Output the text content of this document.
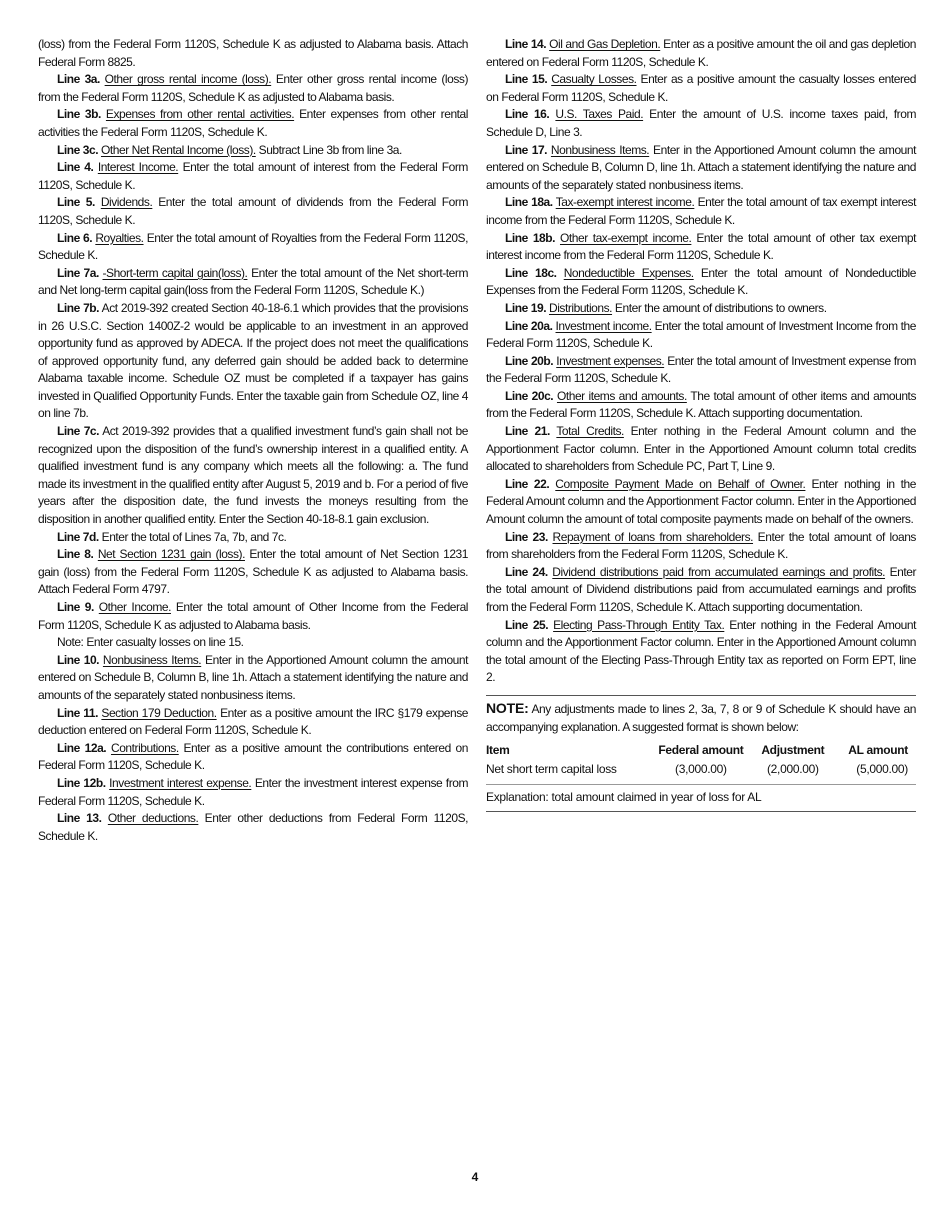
(loss) from the Federal Form 1120S, Schedule K as adjusted to Alabama basis. Attach Federal Form 8825.

Line 3a. Other gross rental income (loss). Enter other gross rental income (loss) from the Federal Form 1120S, Schedule K as adjusted to Alabama basis.

Line 3b. Expenses from other rental activities. Enter expenses from other rental activities the Federal Form 1120S, Schedule K.

Line 3c. Other Net Rental Income (loss). Subtract Line 3b from line 3a.

Line 4. Interest Income. Enter the total amount of interest from the Federal Form 1120S, Schedule K.

Line 5. Dividends. Enter the total amount of dividends from the Federal Form 1120S, Schedule K.

Line 6. Royalties. Enter the total amount of Royalties from the Federal Form 1120S, Schedule K.

Line 7a. -Short-term capital gain(loss). Enter the total amount of the Net short-term and Net long-term capital gain(loss from the Federal Form 1120S, Schedule K.)

Line 7b. Act 2019-392 created Section 40-18-6.1 which provides that the provisions in 26 U.S.C. Section 1400Z-2 would be applicable to an investment in an approved opportunity fund as approved by ADECA. If the project does not meet the qualifications of approved opportunity fund, any deferred gain should be added back to determine Alabama taxable income. Schedule OZ must be completed if a taxpayer has gains invested in Qualified Opportunity Funds. Enter the taxable gain from Schedule OZ, line 4 on line 7b.

Line 7c. Act 2019-392 provides that a qualified investment fund’s gain shall not be recognized upon the disposition of the fund’s ownership interest in a qualified entity. A qualified investment fund is any company which meets all the following: a. The fund made its investment in the qualified entity after August 5, 2019 and b. For a period of five years after the disposition date, the fund invests the moneys resulting from the disposition in another qualified entity. Enter the Section 40-18-8.1 gain exclusion.

Line 7d. Enter the total of Lines 7a, 7b, and 7c.

Line 8. Net Section 1231 gain (loss). Enter the total amount of Net Section 1231 gain (loss) from the Federal Form 1120S, Schedule K as adjusted to Alabama basis. Attach Federal Form 4797.

Line 9. Other Income. Enter the total amount of Other Income from the Federal Form 1120S, Schedule K as adjusted to Alabama basis.

Note: Enter casualty losses on line 15.

Line 10. Nonbusiness Items. Enter in the Apportioned Amount column the amount entered on Schedule B, Column B, line 1h. Attach a statement identifying the nature and amounts of the separately stated nonbusiness items.

Line 11. Section 179 Deduction. Enter as a positive amount the IRC §179 expense deduction entered on Federal Form 1120S, Schedule K.

Line 12a. Contributions. Enter as a positive amount the contributions entered on Federal Form 1120S, Schedule K.

Line 12b. Investment interest expense. Enter the investment interest expense from Federal Form 1120S, Schedule K.

Line 13. Other deductions. Enter other deductions from Federal Form 1120S, Schedule K.

Line 14. Oil and Gas Depletion. Enter as a positive amount the oil and gas depletion entered on Federal Form 1120S, Schedule K.

Line 15. Casualty Losses. Enter as a positive amount the casualty losses entered on Federal Form 1120S, Schedule K.

Line 16. U.S. Taxes Paid. Enter the amount of U.S. income taxes paid, from Schedule D, Line 3.

Line 17. Nonbusiness Items. Enter in the Apportioned Amount column the amount entered on Schedule B, Column D, line 1h. Attach a statement identifying the nature and amounts of the separately stated nonbusiness items.

Line 18a. Tax-exempt interest income. Enter the total amount of tax exempt interest income from the Federal Form 1120S, Schedule K.

Line 18b. Other tax-exempt income. Enter the total amount of other tax exempt interest income from the Federal Form 1120S, Schedule K.

Line 18c. Nondeductible Expenses. Enter the total amount of Nondeductible Expenses from the Federal Form 1120S, Schedule K.

Line 19. Distributions. Enter the amount of distributions to owners.

Line 20a. Investment income. Enter the total amount of Investment Income from the Federal Form 1120S, Schedule K.

Line 20b. Investment expenses. Enter the total amount of Investment expense from the Federal Form 1120S, Schedule K.

Line 20c. Other items and amounts. The total amount of other items and amounts from the Federal Form 1120S, Schedule K. Attach supporting documentation.

Line 21. Total Credits. Enter nothing in the Federal Amount column and the Apportionment Factor column. Enter in the Apportioned Amount column total credits allocated to shareholders from Schedule PC, Part T, Line 9.

Line 22. Composite Payment Made on Behalf of Owner. Enter nothing in the Federal Amount column and the Apportionment Factor column. Enter in the Apportioned Amount column the amount of total composite payments made on behalf of the owners.

Line 23. Repayment of loans from shareholders. Enter the total amount of loans from shareholders from the Federal Form 1120S, Schedule K.

Line 24. Dividend distributions paid from accumulated earnings and profits. Enter the total amount of Dividend distributions paid from accumulated earnings and profits from the Federal Form 1120S, Schedule K. Attach supporting documentation.

Line 25. Electing Pass-Through Entity Tax. Enter nothing in the Federal Amount column and the Apportionment Factor column. Enter in the Apportioned Amount column the total amount of the Electing Pass-Through Entity tax as reported on Form EPT, line 2.

NOTE: Any adjustments made to lines 2, 3a, 7, 8 or 9 of Schedule K should have an accompanying explanation. A suggested format is shown below:
Item	Federal amount	Adjustment	AL amount
Net short term capital loss	(3,000.00)	(2,000.00)	(5,000.00)
Explanation: total amount claimed in year of loss for AL
4
